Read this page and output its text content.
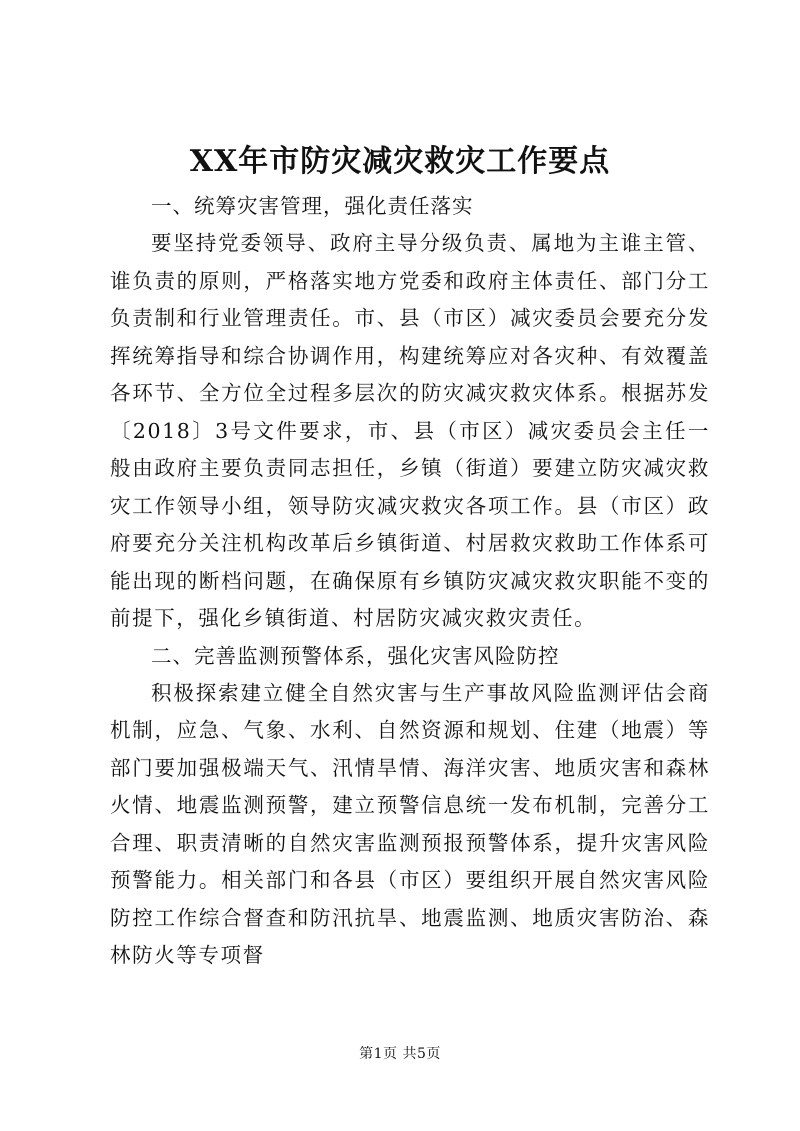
XX年市防灾减灾救灾工作要点
一、统筹灾害管理，强化责任落实

要坚持党委领导、政府主导分级负责、属地为主谁主管、谁负责的原则，严格落实地方党委和政府主体责任、部门分工负责制和行业管理责任。市、县（市区）减灾委员会要充分发挥统筹指导和综合协调作用，构建统筹应对各灾种、有效覆盖各环节、全方位全过程多层次的防灾减灾救灾体系。根据苏发〔2018〕3号文件要求，市、县（市区）减灾委员会主任一般由政府主要负责同志担任，乡镇（街道）要建立防灾减灾救灾工作领导小组，领导防灾减灾救灾各项工作。县（市区）政府要充分关注机构改革后乡镇街道、村居救灾救助工作体系可能出现的断档问题，在确保原有乡镇防灾减灾救灾职能不变的前提下，强化乡镇街道、村居防灾减灾救灾责任。

二、完善监测预警体系，强化灾害风险防控

积极探索建立健全自然灾害与生产事故风险监测评估会商机制，应急、气象、水利、自然资源和规划、住建（地震）等部门要加强极端天气、汛情旱情、海洋灾害、地质灾害和森林火情、地震监测预警，建立预警信息统一发布机制，完善分工合理、职责清晰的自然灾害监测预报预警体系，提升灾害风险预警能力。相关部门和各县（市区）要组织开展自然灾害风险防控工作综合督查和防汛抗旱、地震监测、地质灾害防治、森林防火等专项督

第1页 共5页
